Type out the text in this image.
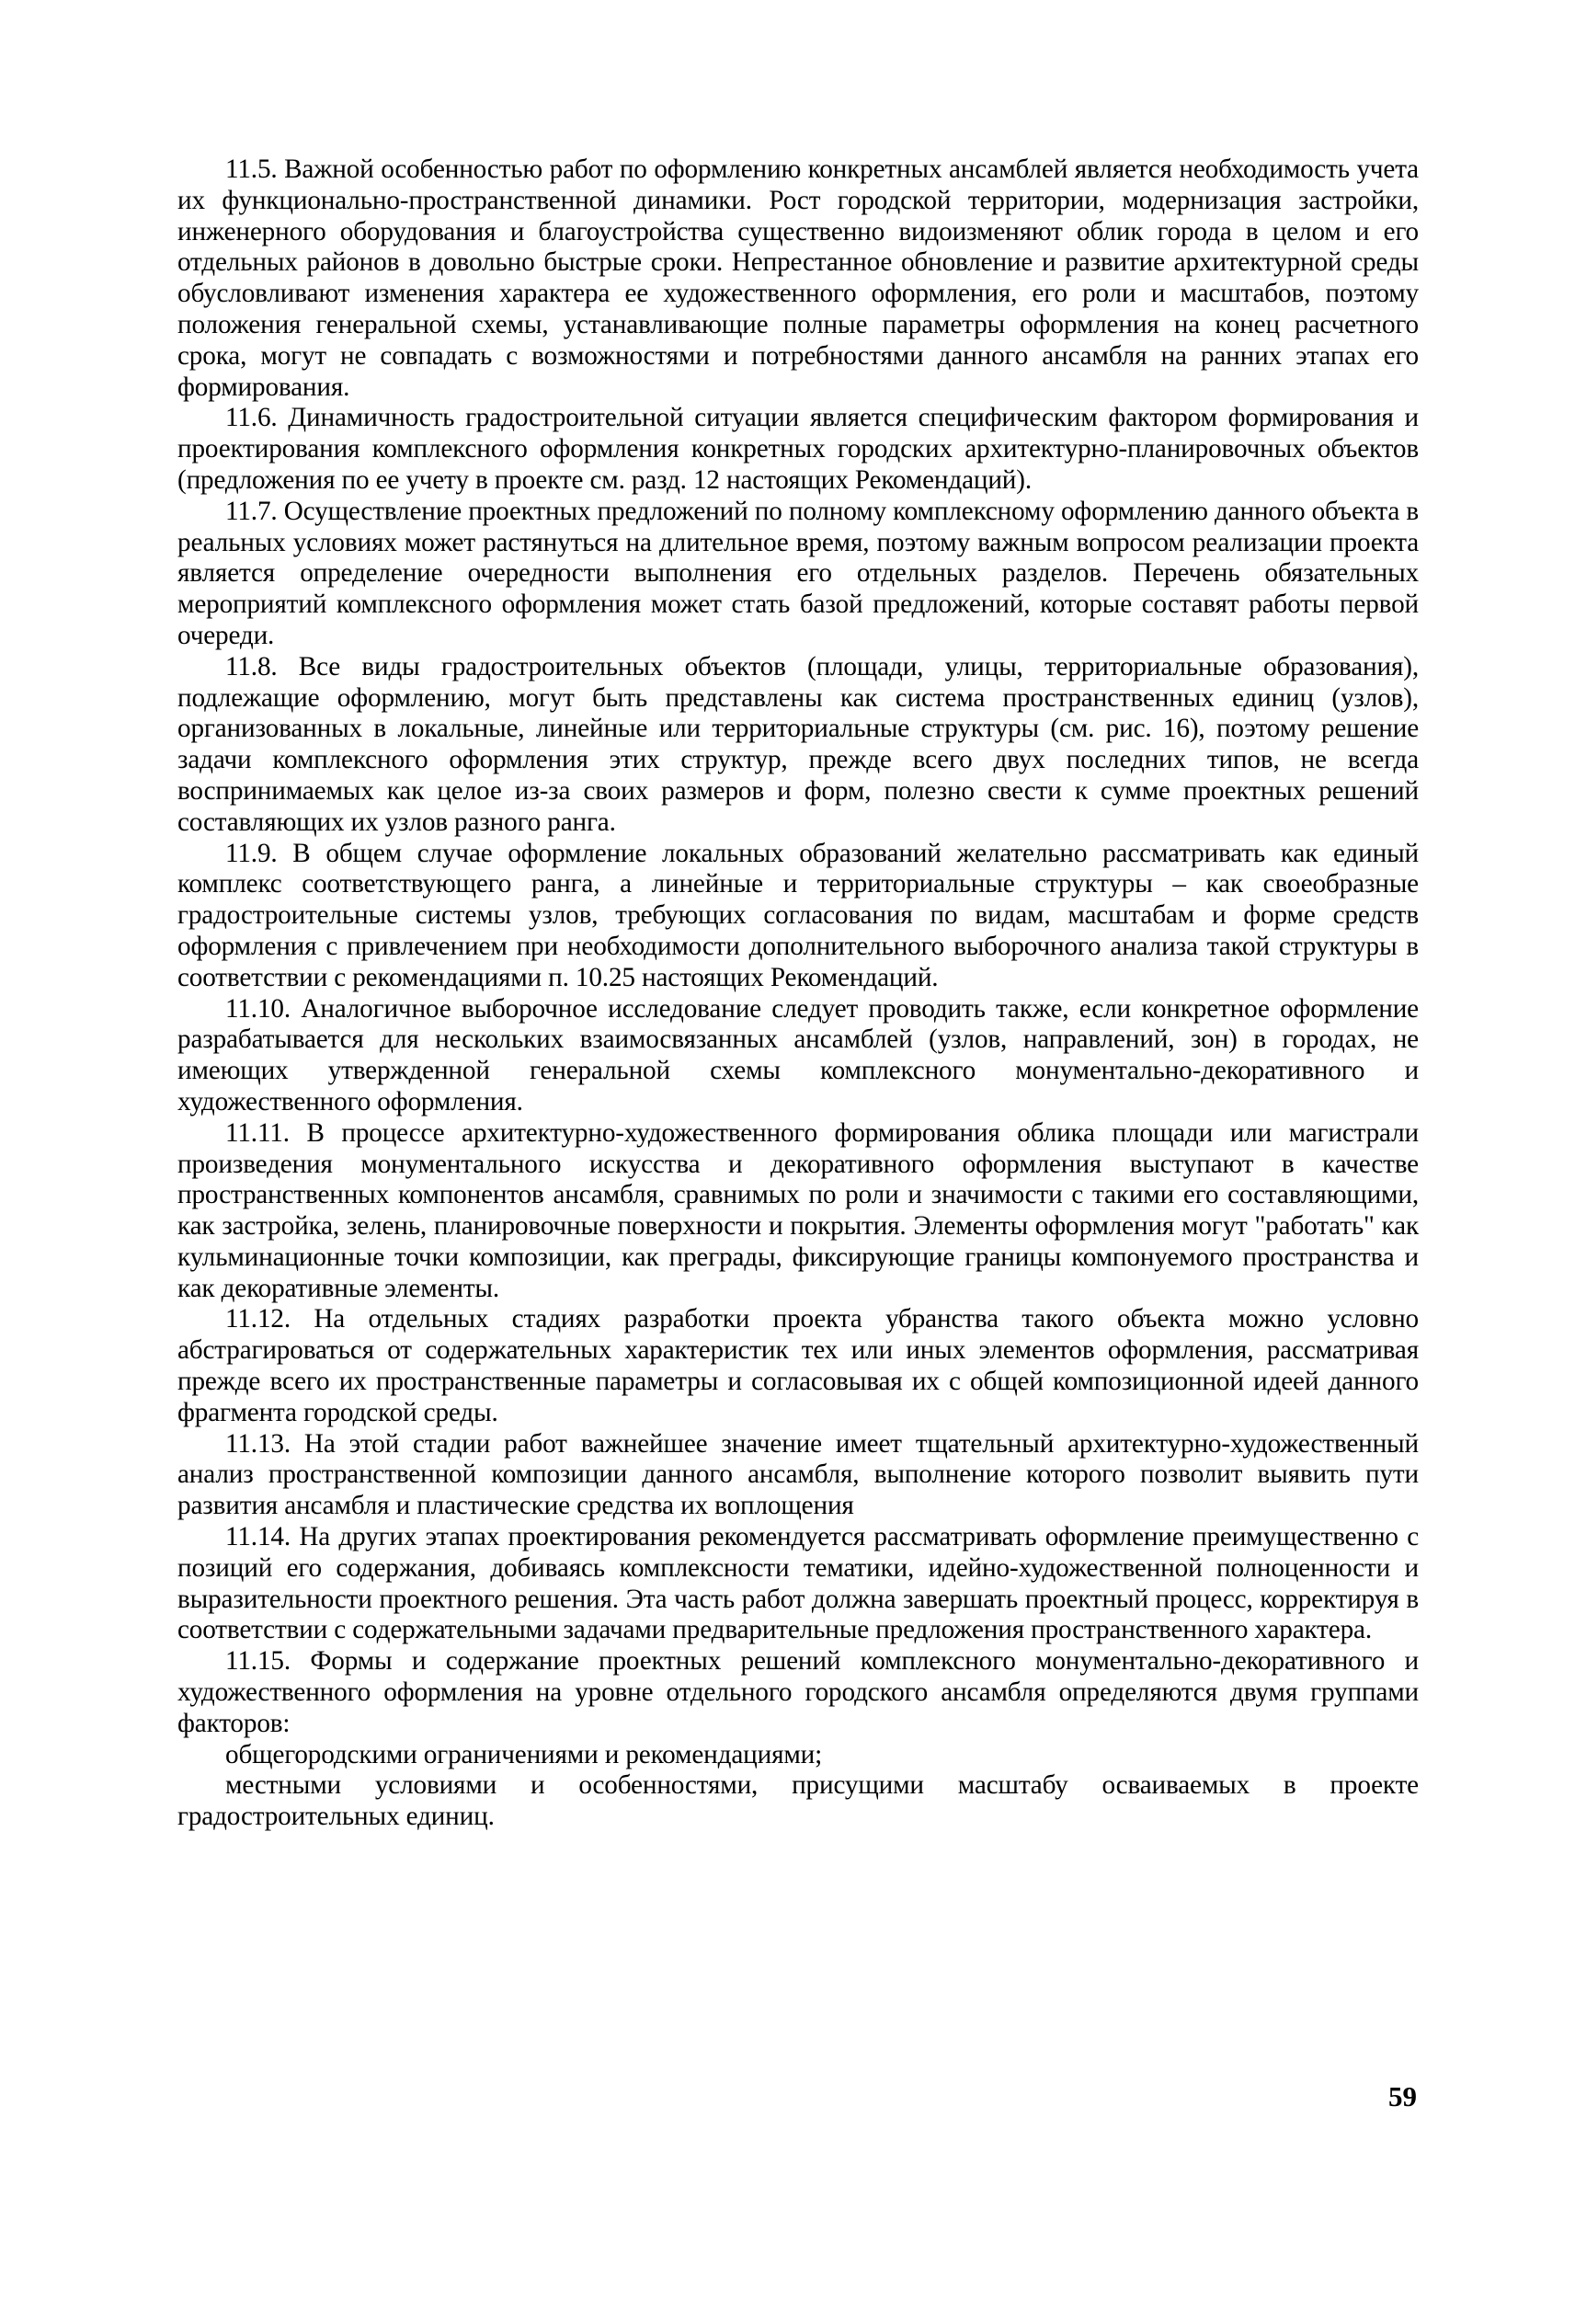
11.5. Важной особенностью работ по оформлению конкретных ансамблей является необходимость учета их функционально-пространственной динамики. Рост городской территории, модернизация застройки, инженерного оборудования и благоустройства существенно видоизменяют облик города в целом и его отдельных районов в довольно быстрые сроки. Непрестанное обновление и развитие архитектурной среды обусловливают изменения характера ее художественного оформления, его роли и масштабов, поэтому положения генеральной схемы, устанавливающие полные параметры оформления на конец расчетного срока, могут не совпадать с возможностями и потребностями данного ансамбля на ранних этапах его формирования.

11.6. Динамичность градостроительной ситуации является специфическим фактором формирования и проектирования комплексного оформления конкретных городских архитектурно-планировочных объектов (предложения по ее учету в проекте см. разд. 12 настоящих Рекомендаций).

11.7. Осуществление проектных предложений по полному комплексному оформлению данного объекта в реальных условиях может растянуться на длительное время, поэтому важным вопросом реализации проекта является определение очередности выполнения его отдельных разделов. Перечень обязательных мероприятий комплексного оформления может стать базой предложений, которые составят работы первой очереди.

11.8. Все виды градостроительных объектов (площади, улицы, территориальные образования), подлежащие оформлению, могут быть представлены как система пространственных единиц (узлов), организованных в локальные, линейные или территориальные структуры (см. рис. 16), поэтому решение задачи комплексного оформления этих структур, прежде всего двух последних типов, не всегда воспринимаемых как целое из-за своих размеров и форм, полезно свести к сумме проектных решений составляющих их узлов разного ранга.

11.9. В общем случае оформление локальных образований желательно рассматривать как единый комплекс соответствующего ранга, а линейные и территориальные структуры – как своеобразные градостроительные системы узлов, требующих согласования по видам, масштабам и форме средств оформления с привлечением при необходимости дополнительного выборочного анализа такой структуры в соответствии с рекомендациями п. 10.25 настоящих Рекомендаций.

11.10. Аналогичное выборочное исследование следует проводить также, если конкретное оформление разрабатывается для нескольких взаимосвязанных ансамблей (узлов, направлений, зон) в городах, не имеющих утвержденной генеральной схемы комплексного монументально-декоративного и художественного оформления.

11.11. В процессе архитектурно-художественного формирования облика площади или магистрали произведения монументального искусства и декоративного оформления выступают в качестве пространственных компонентов ансамбля, сравнимых по роли и значимости с такими его составляющими, как застройка, зелень, планировочные поверхности и покрытия. Элементы оформления могут "работать" как кульминационные точки композиции, как преграды, фиксирующие границы компонуемого пространства и как декоративные элементы.

11.12. На отдельных стадиях разработки проекта убранства такого объекта можно условно абстрагироваться от содержательных характеристик тех или иных элементов оформления, рассматривая прежде всего их пространственные параметры и согласовывая их с общей композиционной идеей данного фрагмента городской среды.

11.13. На этой стадии работ важнейшее значение имеет тщательный архитектурно-художественный анализ пространственной композиции данного ансамбля, выполнение которого позволит выявить пути развития ансамбля и пластические средства их воплощения

11.14. На других этапах проектирования рекомендуется рассматривать оформление преимущественно с позиций его содержания, добиваясь комплексности тематики, идейно-художественной полноценности и выразительности проектного решения. Эта часть работ должна завершать проектный процесс, корректируя в соответствии с содержательными задачами предварительные предложения пространственного характера.

11.15. Формы и содержание проектных решений комплексного монументально-декоративного и художественного оформления на уровне отдельного городского ансамбля определяются двумя группами факторов:

общегородскими ограничениями и рекомендациями;

местными условиями и особенностями, присущими масштабу осваиваемых в проекте градостроительных единиц.

59
